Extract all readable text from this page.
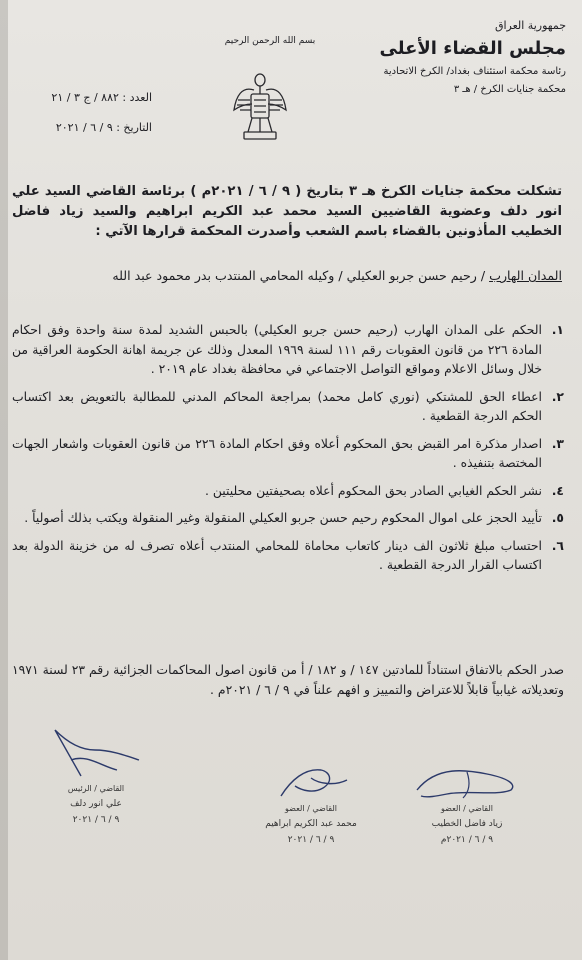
جمهورية العراق
مجلس القضاء الأعلى
رئاسة محكمة استئناف بغداد/ الكرخ الاتحادية
محكمة جنايات الكرخ / هـ ٣
بسم الله الرحمن الرحيم
العدد : ٨٨٢ / ج ٣ / ٢١
التاريخ : ٩ / ٦ / ٢٠٢١
تشكلت محكمة جنايات الكرخ هـ ٣ بتاريخ ( ٩ / ٦ / ٢٠٢١م ) برئاسة القاضي السيد علي انور دلف وعضوية القاضيين السيد محمد عبد الكريم ابراهيم والسيد زياد فاضل الخطيب المأذونين بالقضاء باسم الشعب وأصدرت المحكمة قرارها الآتي :
المدان الهارب / رحيم حسن جربو العكيلي / وكيله المحامي المنتدب بدر محمود عبد الله
١.
الحكم على المدان الهارب (رحيم حسن جربو العكيلي) بالحبس الشديد لمدة سنة واحدة وفق احكام المادة ٢٢٦ من قانون العقوبات رقم ١١١ لسنة ١٩٦٩ المعدل وذلك عن جريمة اهانة الحكومة العراقية من خلال وسائل الاعلام ومواقع التواصل الاجتماعي في محافظة بغداد عام ٢٠١٩ .
٢.
اعطاء الحق للمشتكي (نوري كامل محمد) بمراجعة المحاكم المدني للمطالبة بالتعويض بعد اكتساب الحكم الدرجة القطعية .
٣.
اصدار مذكرة امر القبض بحق المحكوم أعلاه وفق احكام المادة ٢٢٦ من قانون العقوبات واشعار الجهات المختصة بتنفيذه .
٤.
نشر الحكم الغيابي الصادر بحق المحكوم أعلاه بصحيفتين محليتين .
٥.
تأييد الحجز على اموال المحكوم رحيم حسن جربو العكيلي المنقولة وغير المنقولة ويكتب بذلك أصولياً .
٦.
احتساب مبلغ ثلاثون الف دينار كاتعاب محاماة للمحامي المنتدب أعلاه تصرف له من خزينة الدولة بعد اكتساب القرار الدرجة القطعية .
صدر الحكم بالاتفاق استناداً للمادتين ١٤٧ / و ١٨٢ / أ من قانون اصول المحاكمات الجزائية رقم ٢٣ لسنة ١٩٧١ وتعديلاته غيابياً قابلاً للاعتراض والتمييز و افهم علناً في ٩ / ٦ / ٢٠٢١م .
القاضي / العضو
زياد فاضل الخطيب
٩ / ٦ / ٢٠٢١م
القاضي / العضو
محمد عبد الكريم ابراهيم
٩ / ٦ / ٢٠٢١
القاضي / الرئيس
علي انور دلف
٩ / ٦ / ٢٠٢١
